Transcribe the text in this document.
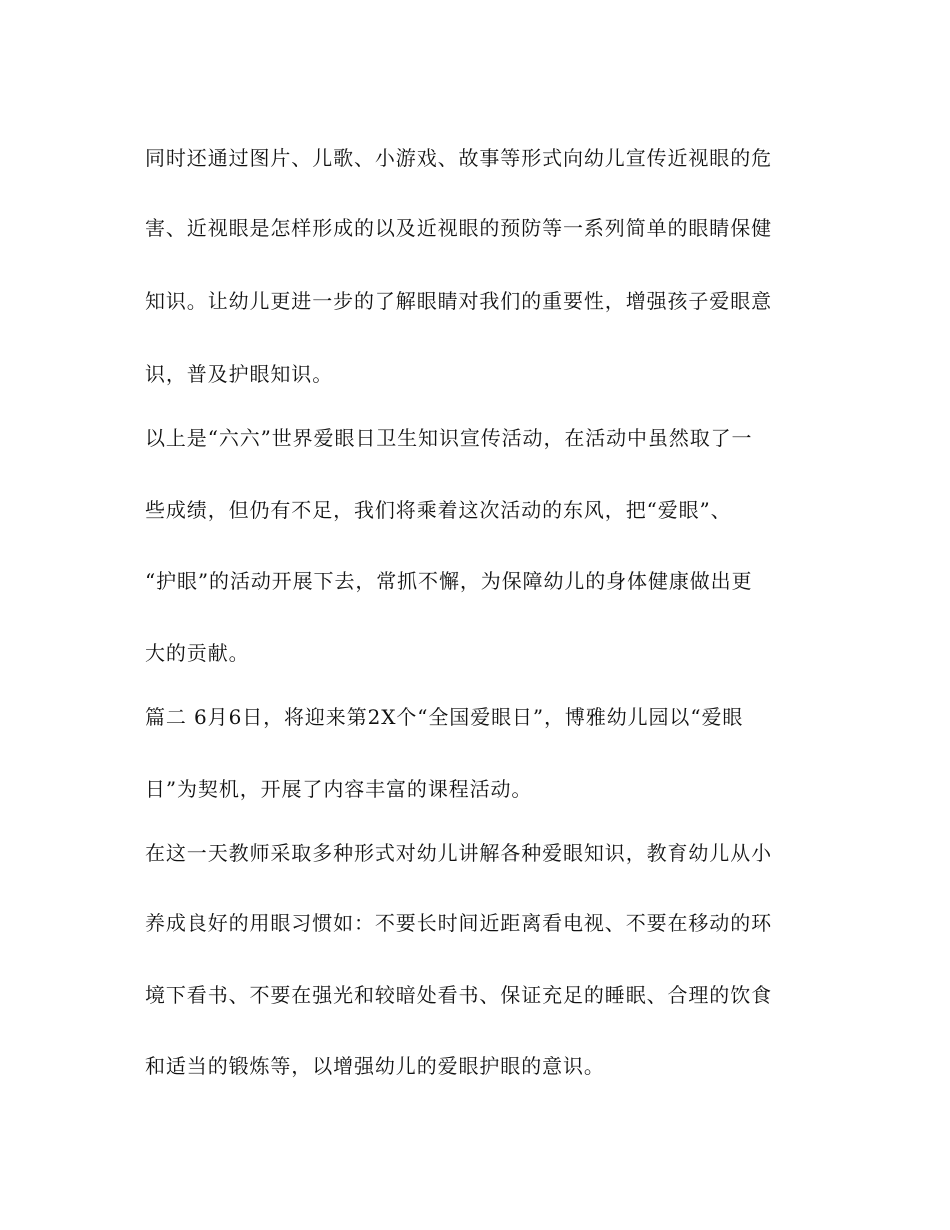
同时还通过图片、儿歌、小游戏、故事等形式向幼儿宣传近视眼的危
害、近视眼是怎样形成的以及近视眼的预防等一系列简单的眼睛保健
知识。让幼儿更进一步的了解眼睛对我们的重要性，增强孩子爱眼意
识，普及护眼知识。
以上是“六六”世界爱眼日卫生知识宣传活动，在活动中虽然取了一
些成绩，但仍有不足，我们将乘着这次活动的东风，把“爱眼”、
“护眼”的活动开展下去，常抓不懈，为保障幼儿的身体健康做出更
大的贡献。
篇二 6月6日，将迎来第2X个“全国爱眼日”，博雅幼儿园以“爱眼
日”为契机，开展了内容丰富的课程活动。
在这一天教师采取多种形式对幼儿讲解各种爱眼知识，教育幼儿从小
养成良好的用眼习惯如：不要长时间近距离看电视、不要在移动的环
境下看书、不要在强光和较暗处看书、保证充足的睡眠、合理的饮食
和适当的锻炼等，以增强幼儿的爱眼护眼的意识。
